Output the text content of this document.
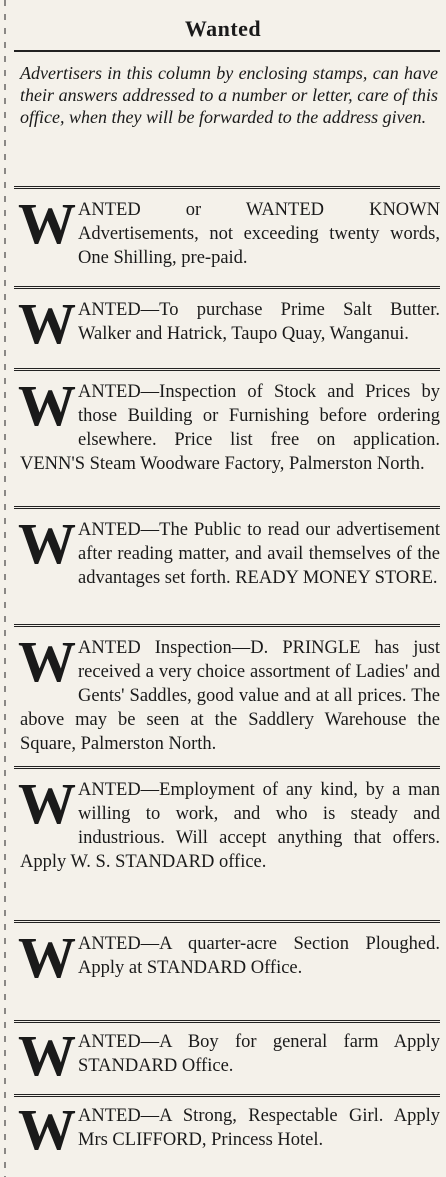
Wanted

Advertisers in this column by enclosing stamps, can have their answers addressed to a number or letter, care of this office, when they will be forwarded to the address given.

W ANTED or WANTED KNOWN Advertisements, not exceeding twenty words, One Shilling, pre-paid.

W ANTED—To purchase Prime Salt Butter. Walker and Hatrick, Taupo Quay, Wanganui.

W ANTED—Inspection of Stock and Prices by those Building or Furnishing before ordering elsewhere. Price list free on application. VENN'S Steam Woodware Factory, Palmerston North.

W ANTED—The Public to read our advertisement after reading matter, and avail themselves of the advantages set forth. READY MONEY STORE.

W ANTED Inspection—D. PRINGLE has just received a very choice assortment of Ladies' and Gents' Saddles, good value and at all prices. The above may be seen at the Saddlery Warehouse the Square, Palmerston North.

W ANTED—Employment of any kind, by a man willing to work, and who is steady and industrious. Will accept anything that offers. Apply W. S. STANDARD office.

W ANTED—A quarter-acre Section Ploughed. Apply at STANDARD Office.

W ANTED—A Boy for general farm Apply STANDARD Office.

W ANTED—A Strong, Respectable Girl. Apply Mrs CLIFFORD, Princess Hotel.
